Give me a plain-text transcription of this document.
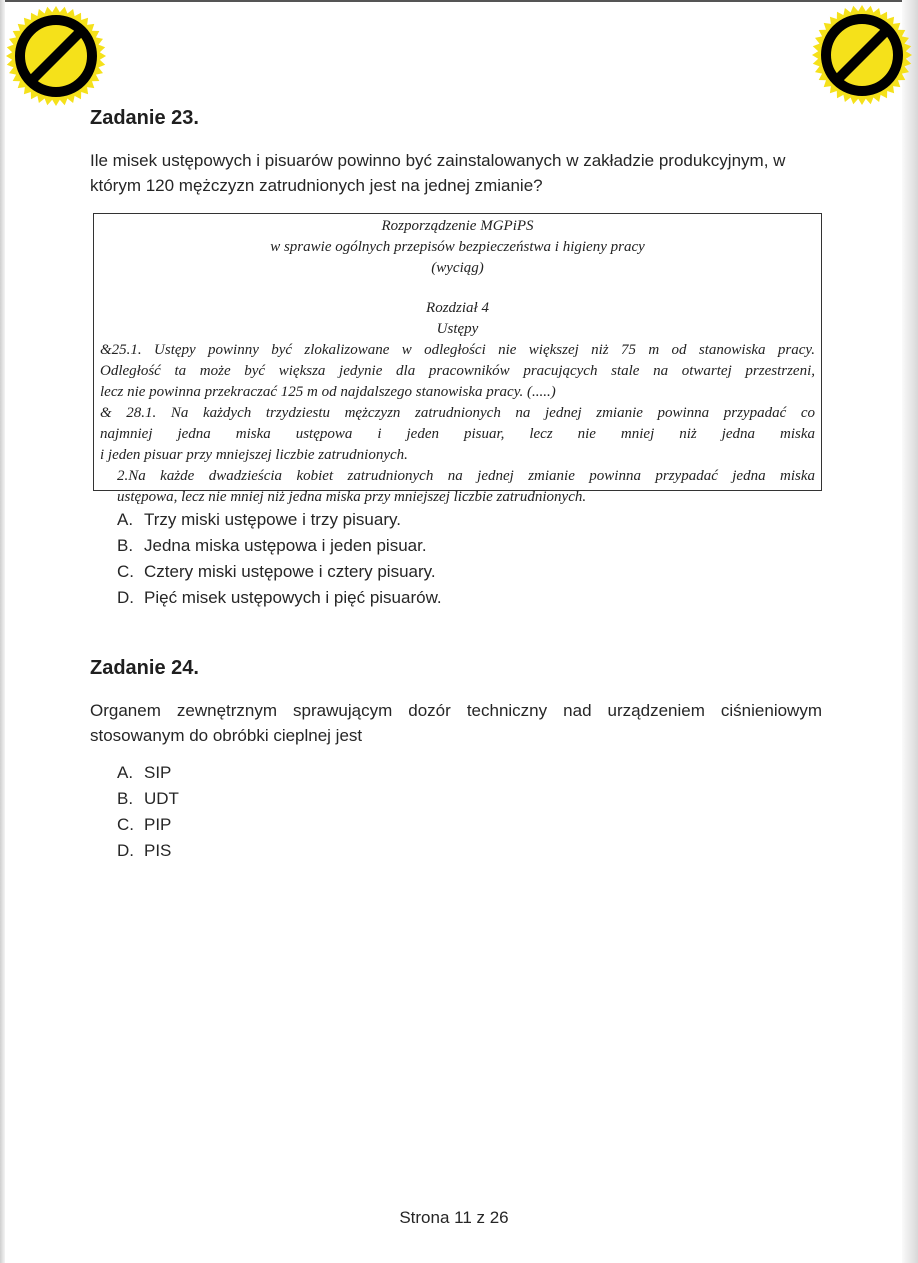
Zadanie 23.
Ile misek ustępowych i pisuarów powinno być zainstalowanych w zakładzie produkcyjnym, w którym 120 mężczyzn zatrudnionych jest na jednej zmianie?
Rozporządzenie MGPiPS
w sprawie ogólnych przepisów bezpieczeństwa i higieny pracy
(wyciąg)
Rozdział 4
Ustępy
&25.1. Ustępy powinny być zlokalizowane w odległości nie większej niż 75 m od stanowiska pracy.
Odległość ta może być większa jedynie dla pracowników pracujących stale na otwartej przestrzeni,
lecz nie powinna przekraczać 125 m od najdalszego stanowiska pracy. (.....)
& 28.1. Na każdych trzydziestu mężczyzn zatrudnionych na jednej zmianie powinna przypadać co
najmniej jedna miska ustępowa i jeden pisuar, lecz nie mniej niż jedna miska
i jeden pisuar przy mniejszej liczbie zatrudnionych.
2.Na każde dwadzieścia kobiet zatrudnionych na jednej zmianie powinna przypadać jedna miska
ustępowa, lecz nie mniej niż jedna miska przy mniejszej liczbie zatrudnionych.
A. Trzy miski ustępowe i trzy pisuary.
B. Jedna miska ustępowa i jeden pisuar.
C. Cztery miski ustępowe i cztery pisuary.
D. Pięć misek ustępowych i pięć pisuarów.
Zadanie 24.
Organem zewnętrznym sprawującym dozór techniczny nad urządzeniem ciśnieniowym stosowanym do obróbki cieplnej jest
A. SIP
B. UDT
C. PIP
D. PIS
Strona 11 z 26
